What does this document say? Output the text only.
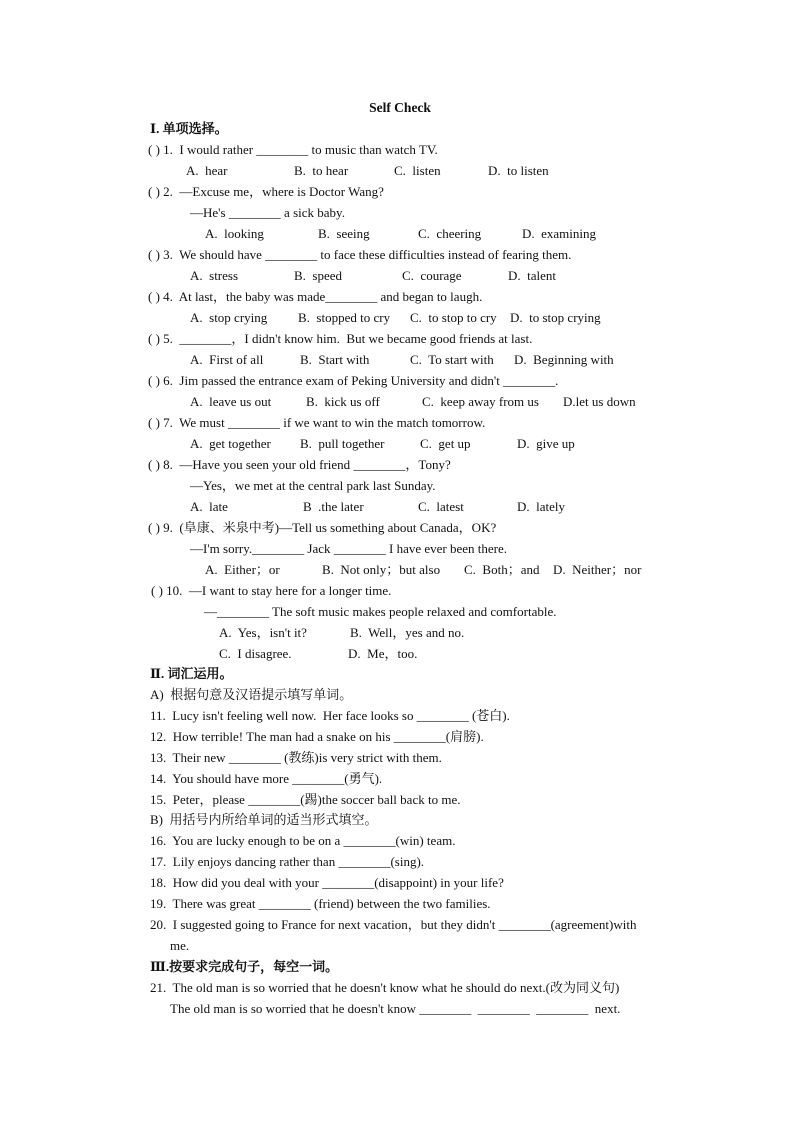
Self Check
Ⅰ. 单项选择。
( ) 1.  I would rather ________ to music than watch TV.
A.  hear	B.  to hear	C.  listen	D.  to listen
( ) 2.  —Excuse me，where is Doctor Wang?
—He's ________ a sick baby.
A.  looking	B.  seeing	C.  cheering	D.  examining
( ) 3.  We should have ________ to face these difficulties instead of fearing them.
A.  stress	B.  speed	C.  courage	D.  talent
( ) 4.  At last，the baby was made________ and began to laugh.
A.  stop crying B.  stopped to cry C.  to stop to cry D.  to stop crying
( ) 5.  ________，I didn't know him.  But we became good friends at last.
A.  First of all	B.  Start with	C.  To start with D.  Beginning with
( ) 6.  Jim passed the entrance exam of Peking University and didn't ________.
A.  leave us out	B.  kick us off	C.  keep away from us D.let us down
( ) 7.  We must ________ if we want to win the match tomorrow.
A.  get together B.  pull together	C.  get up	D.  give up
( ) 8.  —Have you seen your old friend ________，Tony?
—Yes，we met at the central park last Sunday.
A.  late	B  .the later	C.  latest	D.  lately
( ) 9.  (阜康、米泉中考)—Tell us something about Canada，OK?
—I'm sorry.________ Jack ________ I have ever been there.
A.  Either；or	B.  Not only；but also C.  Both；and D.  Neither；nor
( ) 10.  —I want to stay here for a longer time.
—________ The soft music makes people relaxed and comfortable.
A.  Yes，isn't it?	B.  Well，yes and no.
C.  I disagree.	D.  Me，too.
Ⅱ. 词汇运用。
A)  根据句意及汉语提示填写单词。
11.  Lucy isn't feeling well now.  Her face looks so ________ (苍白).
12.  How terrible! The man had a snake on his ________(肩膀).
13.  Their new ________ (教练)is very strict with them.
14.  You should have more ________(勇气).
15.  Peter，please ________(踢)the soccer ball back to me.
B)  用括号内所给单词的适当形式填空。
16.  You are lucky enough to be on a ________(win) team.
17.  Lily enjoys dancing rather than ________(sing).
18.  How did you deal with your ________(disappoint) in your life?
19.  There was great ________ (friend) between the two families.
20.  I suggested going to France for next vacation，but they didn't ________(agreement)with
me.
Ⅲ.按要求完成句子，每空一词。
21.  The old man is so worried that he doesn't know what he should do next.(改为同义句)
The old man is so worried that he doesn't know ________  ________  ________  next.
